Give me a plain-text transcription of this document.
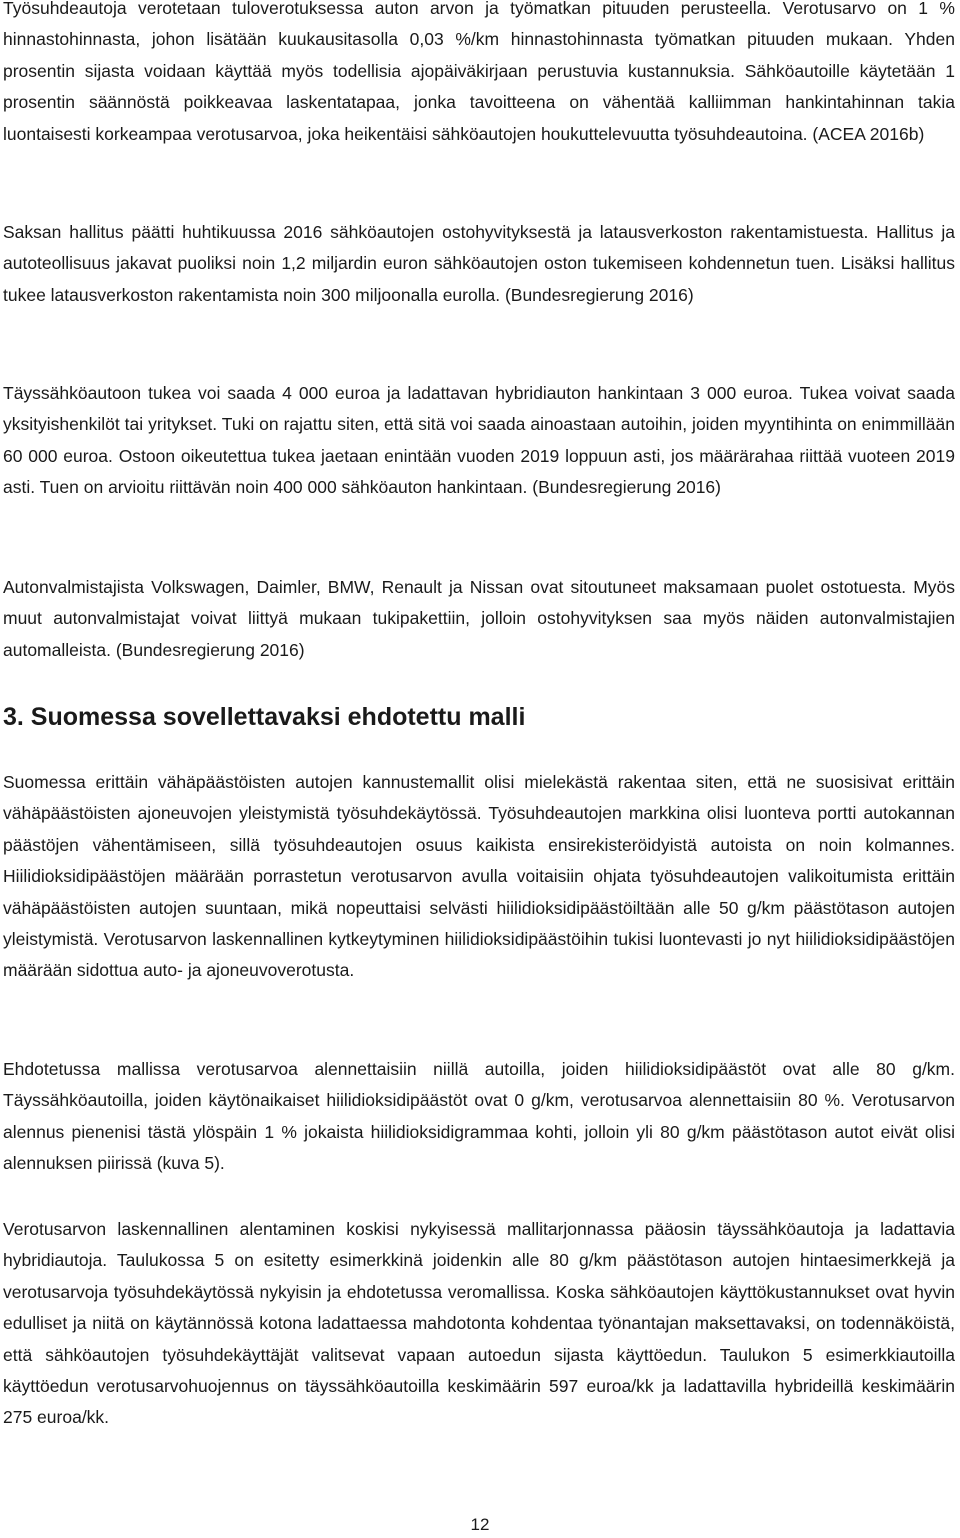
Työsuhdeautoja verotetaan tuloverotuksessa auton arvon ja työmatkan pituuden perusteella. Verotusarvo on 1 % hinnastohinnasta, johon lisätään kuukausitasolla 0,03 %/km hinnastohinnasta työmatkan pituuden mukaan. Yhden prosentin sijasta voidaan käyttää myös todellisia ajopäiväkirjaan perustuvia kustannuksia. Sähköautoille käytetään 1 prosentin säännöstä poikkeavaa laskentatapaa, jonka tavoitteena on vähentää kalliimman hankintahinnan takia luontaisesti korkeampaa verotusarvoa, joka heikentäisi sähköautojen houkuttelevuutta työsuhdeautoina. (ACEA 2016b)

Saksan hallitus päätti huhtikuussa 2016 sähköautojen ostohyvityksestä ja latausverkoston rakentamistuesta. Hallitus ja autoteollisuus jakavat puoliksi noin 1,2 miljardin euron sähköautojen oston tukemiseen kohdennetun tuen. Lisäksi hallitus tukee latausverkoston rakentamista noin 300 miljoonalla eurolla. (Bundesregierung 2016)

Täyssähköautoon tukea voi saada 4 000 euroa ja ladattavan hybridiauton hankintaan 3 000 euroa. Tukea voivat saada yksityishenkilöt tai yritykset. Tuki on rajattu siten, että sitä voi saada ainoastaan autoihin, joiden myyntihinta on enimmillään 60 000 euroa. Ostoon oikeutettua tukea jaetaan enintään vuoden 2019 loppuun asti, jos määrärahaa riittää vuoteen 2019 asti. Tuen on arvioitu riittävän noin 400 000 sähköauton hankintaan. (Bundesregierung 2016)

Autonvalmistajista Volkswagen, Daimler, BMW, Renault ja Nissan ovat sitoutuneet maksamaan puolet ostotuesta. Myös muut autonvalmistajat voivat liittyä mukaan tukipakettiin, jolloin ostohyvityksen saa myös näiden autonvalmistajien automalleista. (Bundesregierung 2016)

3. Suomessa sovellettavaksi ehdotettu malli

Suomessa erittäin vähäpäästöisten autojen kannustemallit olisi mielekästä rakentaa siten, että ne suosisivat erittäin vähäpäästöisten ajoneuvojen yleistymistä työsuhdekäytössä. Työsuhdeautojen markkina olisi luonteva portti autokannan päästöjen vähentämiseen, sillä työsuhdeautojen osuus kaikista ensirekisteröidyistä autoista on noin kolmannes. Hiilidioksidipäästöjen määrään porrastetun verotusarvon avulla voitaisiin ohjata työsuhdeautojen valikoitumista erittäin vähäpäästöisten autojen suuntaan, mikä nopeuttaisi selvästi hiilidioksidipäästöiltään alle 50 g/km päästötason autojen yleistymistä. Verotusarvon laskennallinen kytkeytyminen hiilidioksidipäästöihin tukisi luontevasti jo nyt hiilidioksidipäästöjen määrään sidottua auto- ja ajoneuvoverotusta.

Ehdotetussa mallissa verotusarvoa alennettaisiin niillä autoilla, joiden hiilidioksidipäästöt ovat alle 80 g/km. Täyssähköautoilla, joiden käytönaikaiset hiilidioksidipäästöt ovat 0 g/km, verotusarvoa alennettaisiin 80 %. Verotusarvon alennus pienenisi tästä ylöspäin 1 % jokaista hiilidioksidigrammaa kohti, jolloin yli 80 g/km päästötason autot eivät olisi alennuksen piirissä (kuva 5).

Verotusarvon laskennallinen alentaminen koskisi nykyisessä mallitarjonnassa pääosin täyssähköautoja ja ladattavia hybridiautoja. Taulukossa 5 on esitetty esimerkkinä joidenkin alle 80 g/km päästötason autojen hintaesimerkkejä ja verotusarvoja työsuhdekäytössä nykyisin ja ehdotetussa veromallissa. Koska sähköautojen käyttökustannukset ovat hyvin edulliset ja niitä on käytännössä kotona ladattaessa mahdotonta kohdentaa työnantajan maksettavaksi, on todennäköistä, että sähköautojen työsuhdekäyttäjät valitsevat vapaan autoedun sijasta käyttöedun. Taulukon 5 esimerkkiautoilla käyttöedun verotusarvohuojennus on täyssähköautoilla keskimäärin 597 euroa/kk ja ladattavilla hybrideillä keskimäärin 275 euroa/kk.

12
